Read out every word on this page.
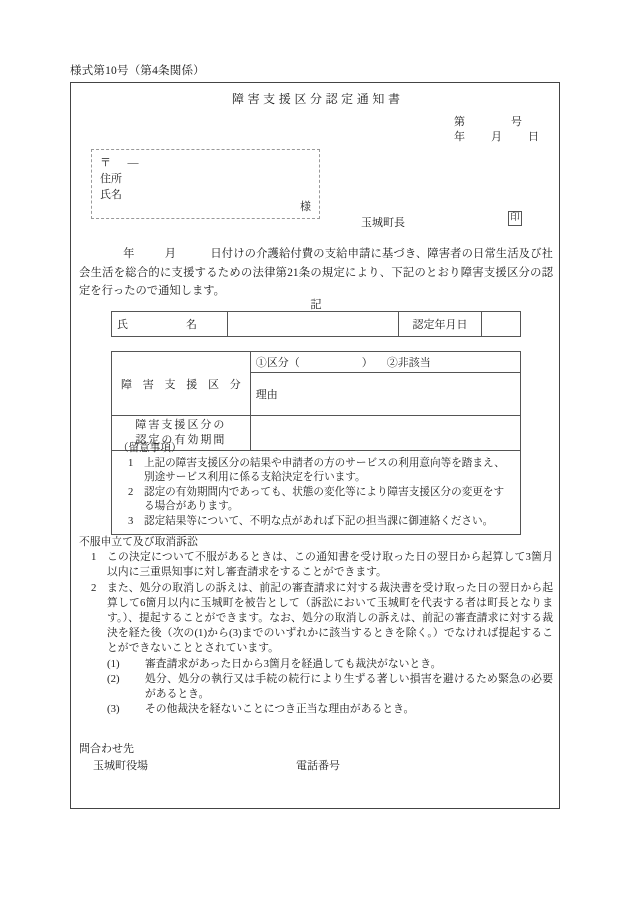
様式第10号（第4条関係）
障害支援区分認定通知書
第	号
年 月 日
〒 —
住所
氏名
様
玉城町長	印
年	月	日付けの介護給付費の支給申請に基づき、障害者の日常生活及び社会生活を総合的に支援するための法律第21条の規定により、下記のとおり障害支援区分の認定を行ったので通知します。
記
氏	名		認定年月日	
障 害 支 援 区 分	①区分（ ） ②非該当
	理由
障害支援区分の
認定の有効期間	
（留意事項）
1 上記の障害支援区分の結果や申請者の方のサービスの利用意向等を踏まえ、別途サービス利用に係る支給決定を行います。
2 認定の有効期間内であっても、状態の変化等により障害支援区分の変更をする場合があります。
3 認定結果等について、不明な点があれば下記の担当課に御連絡ください。
不服申立て及び取消訴訟
1 この決定について不服があるときは、この通知書を受け取った日の翌日から起算して3箇月以内に三重県知事に対し審査請求をすることができます。
2 また、処分の取消しの訴えは、前記の審査請求に対する裁決書を受け取った日の翌日から起算して6箇月以内に玉城町を被告として（訴訟において玉城町を代表する者は町長となります。）、提起することができます。なお、処分の取消しの訴えは、前記の審査請求に対する裁決を経た後（次の(1)から(3)までのいずれかに該当するときを除く。）でなければ提起することができないこととされています。
(1) 審査請求があった日から3箇月を経過しても裁決がないとき。
(2) 処分、処分の執行又は手続の続行により生ずる著しい損害を避けるため緊急の必要があるとき。
(3) その他裁決を経ないことにつき正当な理由があるとき。
問合わせ先
玉城町役場	電話番号
